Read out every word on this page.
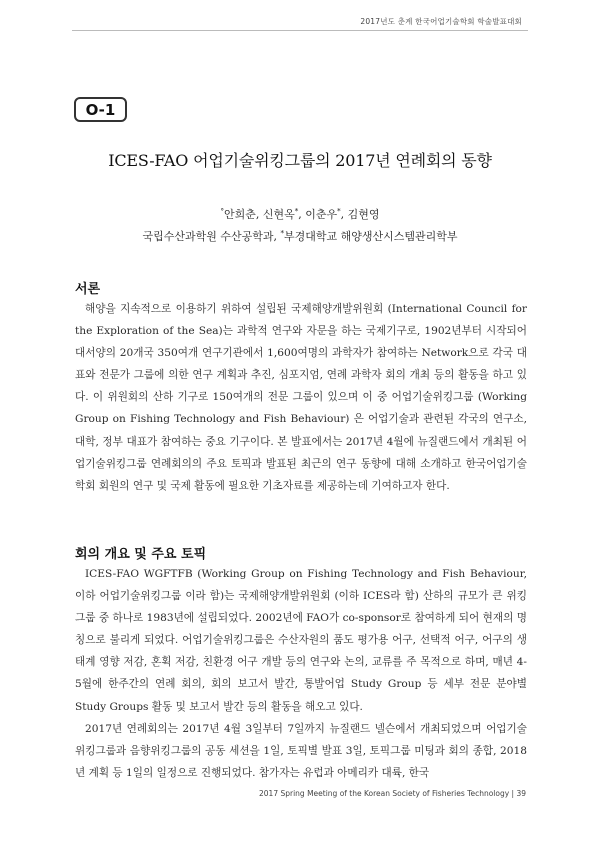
2017년도 춘계 한국어업기술학회 학술발표대회
O-1
ICES-FAO 어업기술위킹그룹의 2017년 연례회의 동향
°안희춘, 신현옥*, 이춘우*, 김현영
국립수산과학원 수산공학과, *부경대학교 해양생산시스템관리학부
서론

해양을 지속적으로 이용하기 위하여 설립된 국제해양개발위원회 (International Council for the Exploration of the Sea)는 과학적 연구와 자문을 하는 국제기구로, 1902년부터 시작되어 대서양의 20개국 350여개 연구기관에서 1,600여명의 과학자가 참여하는 Network으로 각국 대표와 전문가 그룹에 의한 연구 계획과 추진, 심포지엄, 연례 과학자 회의 개최 등의 활동을 하고 있다. 이 위원회의 산하 기구로 150여개의 전문 그룹이 있으며 이 중 어업기술위킹그룹 (Working Group on Fishing Technology and Fish Behaviour) 은 어업기술과 관련된 각국의 연구소, 대학, 정부 대표가 참여하는 중요 기구이다. 본 발표에서는 2017년 4월에 뉴질랜드에서 개최된 어업기술위킹그룹 연례회의의 주요 토픽과 발표된 최근의 연구 동향에 대해 소개하고 한국어업기술학회 회원의 연구 및 국제 활동에 필요한 기초자료를 제공하는데 기여하고자 한다.

회의 개요 및 주요 토픽

ICES-FAO WGFTFB (Working Group on Fishing Technology and Fish Behaviour, 이하 어업기술위킹그룹 이라 함)는 국제해양개발위원회 (이하 ICES라 함) 산하의 규모가 큰 위킹그룹 중 하나로 1983년에 설립되었다. 2002년에 FAO가 co-sponsor로 참여하게 되어 현재의 명칭으로 불리게 되었다. 어업기술위킹그룹은 수산자원의 품도 평가용 어구, 선택적 어구, 어구의 생태계 영향 저감, 혼획 저감, 친환경 어구 개발 등의 연구와 논의, 교류를 주 목적으로 하며, 매년 4-5월에 한주간의 연례 회의, 회의 보고서 발간, 통발어업 Study Group 등 세부 전문 분야별 Study Groups 활동 및 보고서 발간 등의 활동을 해오고 있다.

2017년 연례회의는 2017년 4월 3일부터 7일까지 뉴질랜드 넬슨에서 개최되었으며 어업기술위킹그룹과 음향위킹그룹의 공동 세션을 1일, 토픽별 발표 3일, 토픽그룹 미팅과 회의 종합, 2018년 계획 등 1일의 일정으로 진행되었다. 참가자는 유럽과 아메리카 대륙, 한국

2017 Spring Meeting of the Korean Society of Fisheries Technology | 39
